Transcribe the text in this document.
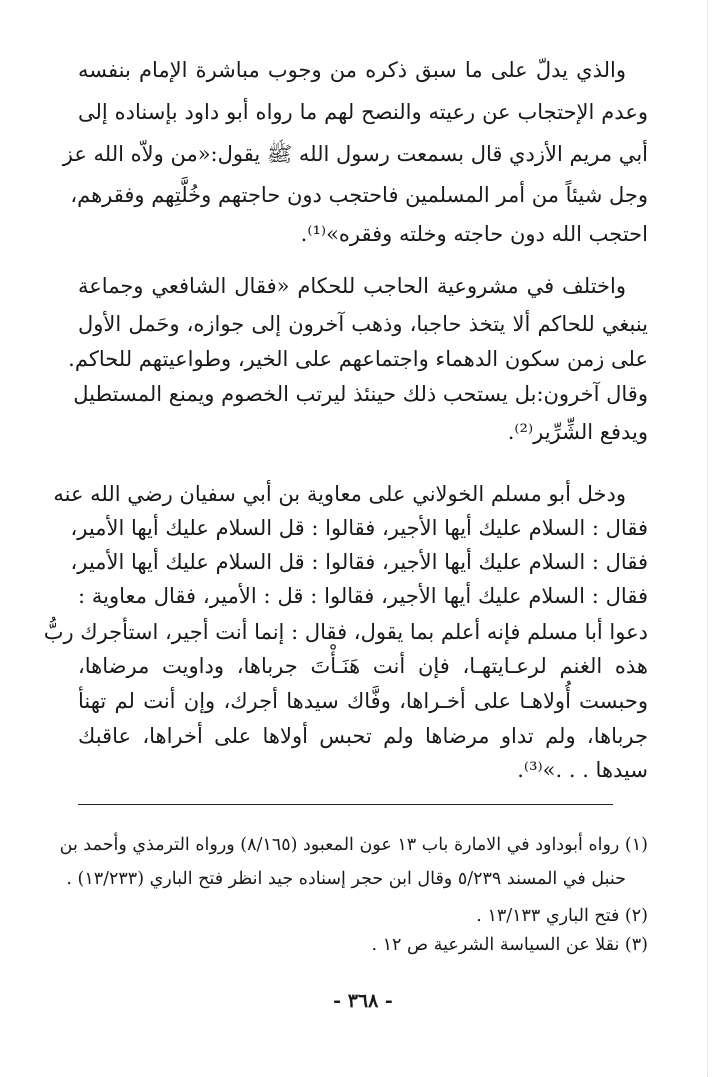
والذي يدلّ على ما سبق ذكره من وجوب مباشرة الإمام بنفسه
وعدم الإحتجاب عن رعيته والنصح لهم ما رواه أبو داود بإسناده إلى
أبي مريم الأزدي قال بسمعت رسول الله ﷺ يقول:«من ولاّه الله عز
وجل شيئاً من أمر المسلمين فاحتجب دون حاجتهم وخُلَّتِهم وفقرهم،
احتجب الله دون حاجته وخلته وفقره»⁽¹⁾.
واختلف في مشروعية الحاجب للحكام «فقال الشافعي وجماعة
ينبغي للحاكم ألا يتخذ حاجبا، وذهب آخرون إلى جوازه، وحَمل الأول
على زمن سكون الدهماء واجتماعهم على الخير، وطواعيتهم للحاكم.
وقال آخرون:بل يستحب ذلك حينئذ ليرتب الخصوم ويمنع المستطيل
ويدفع الشِّرِّير⁽²⁾.
ودخل أبو مسلم الخولاني على معاوية بن أبي سفيان رضي الله عنه
فقال : السلام عليك أيها الأجير، فقالوا : قل السلام عليك أيها الأمير،
فقال : السلام عليك أيها الأجير، فقالوا : قل السلام عليك أيها الأمير،
فقال : السلام عليك أيها الأجير، فقالوا : قل : الأمير، فقال معاوية :
دعوا أبا مسلم فإنه أعلم بما يقول، فقال : إنما أنت أجير، استأجرك ربُّ
هذه الغنم لرعـايتهـا، فإن أنت هَنَـأْتَ جرباها، وداويت مرضاها،
وحبست أُولاهـا على أخـراها، وفَّاك سيدها أجرك، وإن أنت لم تهنأ
جرباها، ولم تداو مرضاها ولم تحبس أولاها على أخراها، عاقبك
سيدها . . .»⁽³⁾.
(١) رواه أبوداود في الامارة باب ١٣ عون المعبود (٨/١٦٥) ورواه الترمذي وأحمد بن
حنبل في المسند ٥/٢٣٩ وقال ابن حجر إسناده جيد انظر فتح الباري (١٣/٢٣٣) .
(٢) فتح الباري ١٣/١٣٣ .
(٣) نقلا عن السياسة الشرعية ص ١٢ .
- ٣٦٨ -
